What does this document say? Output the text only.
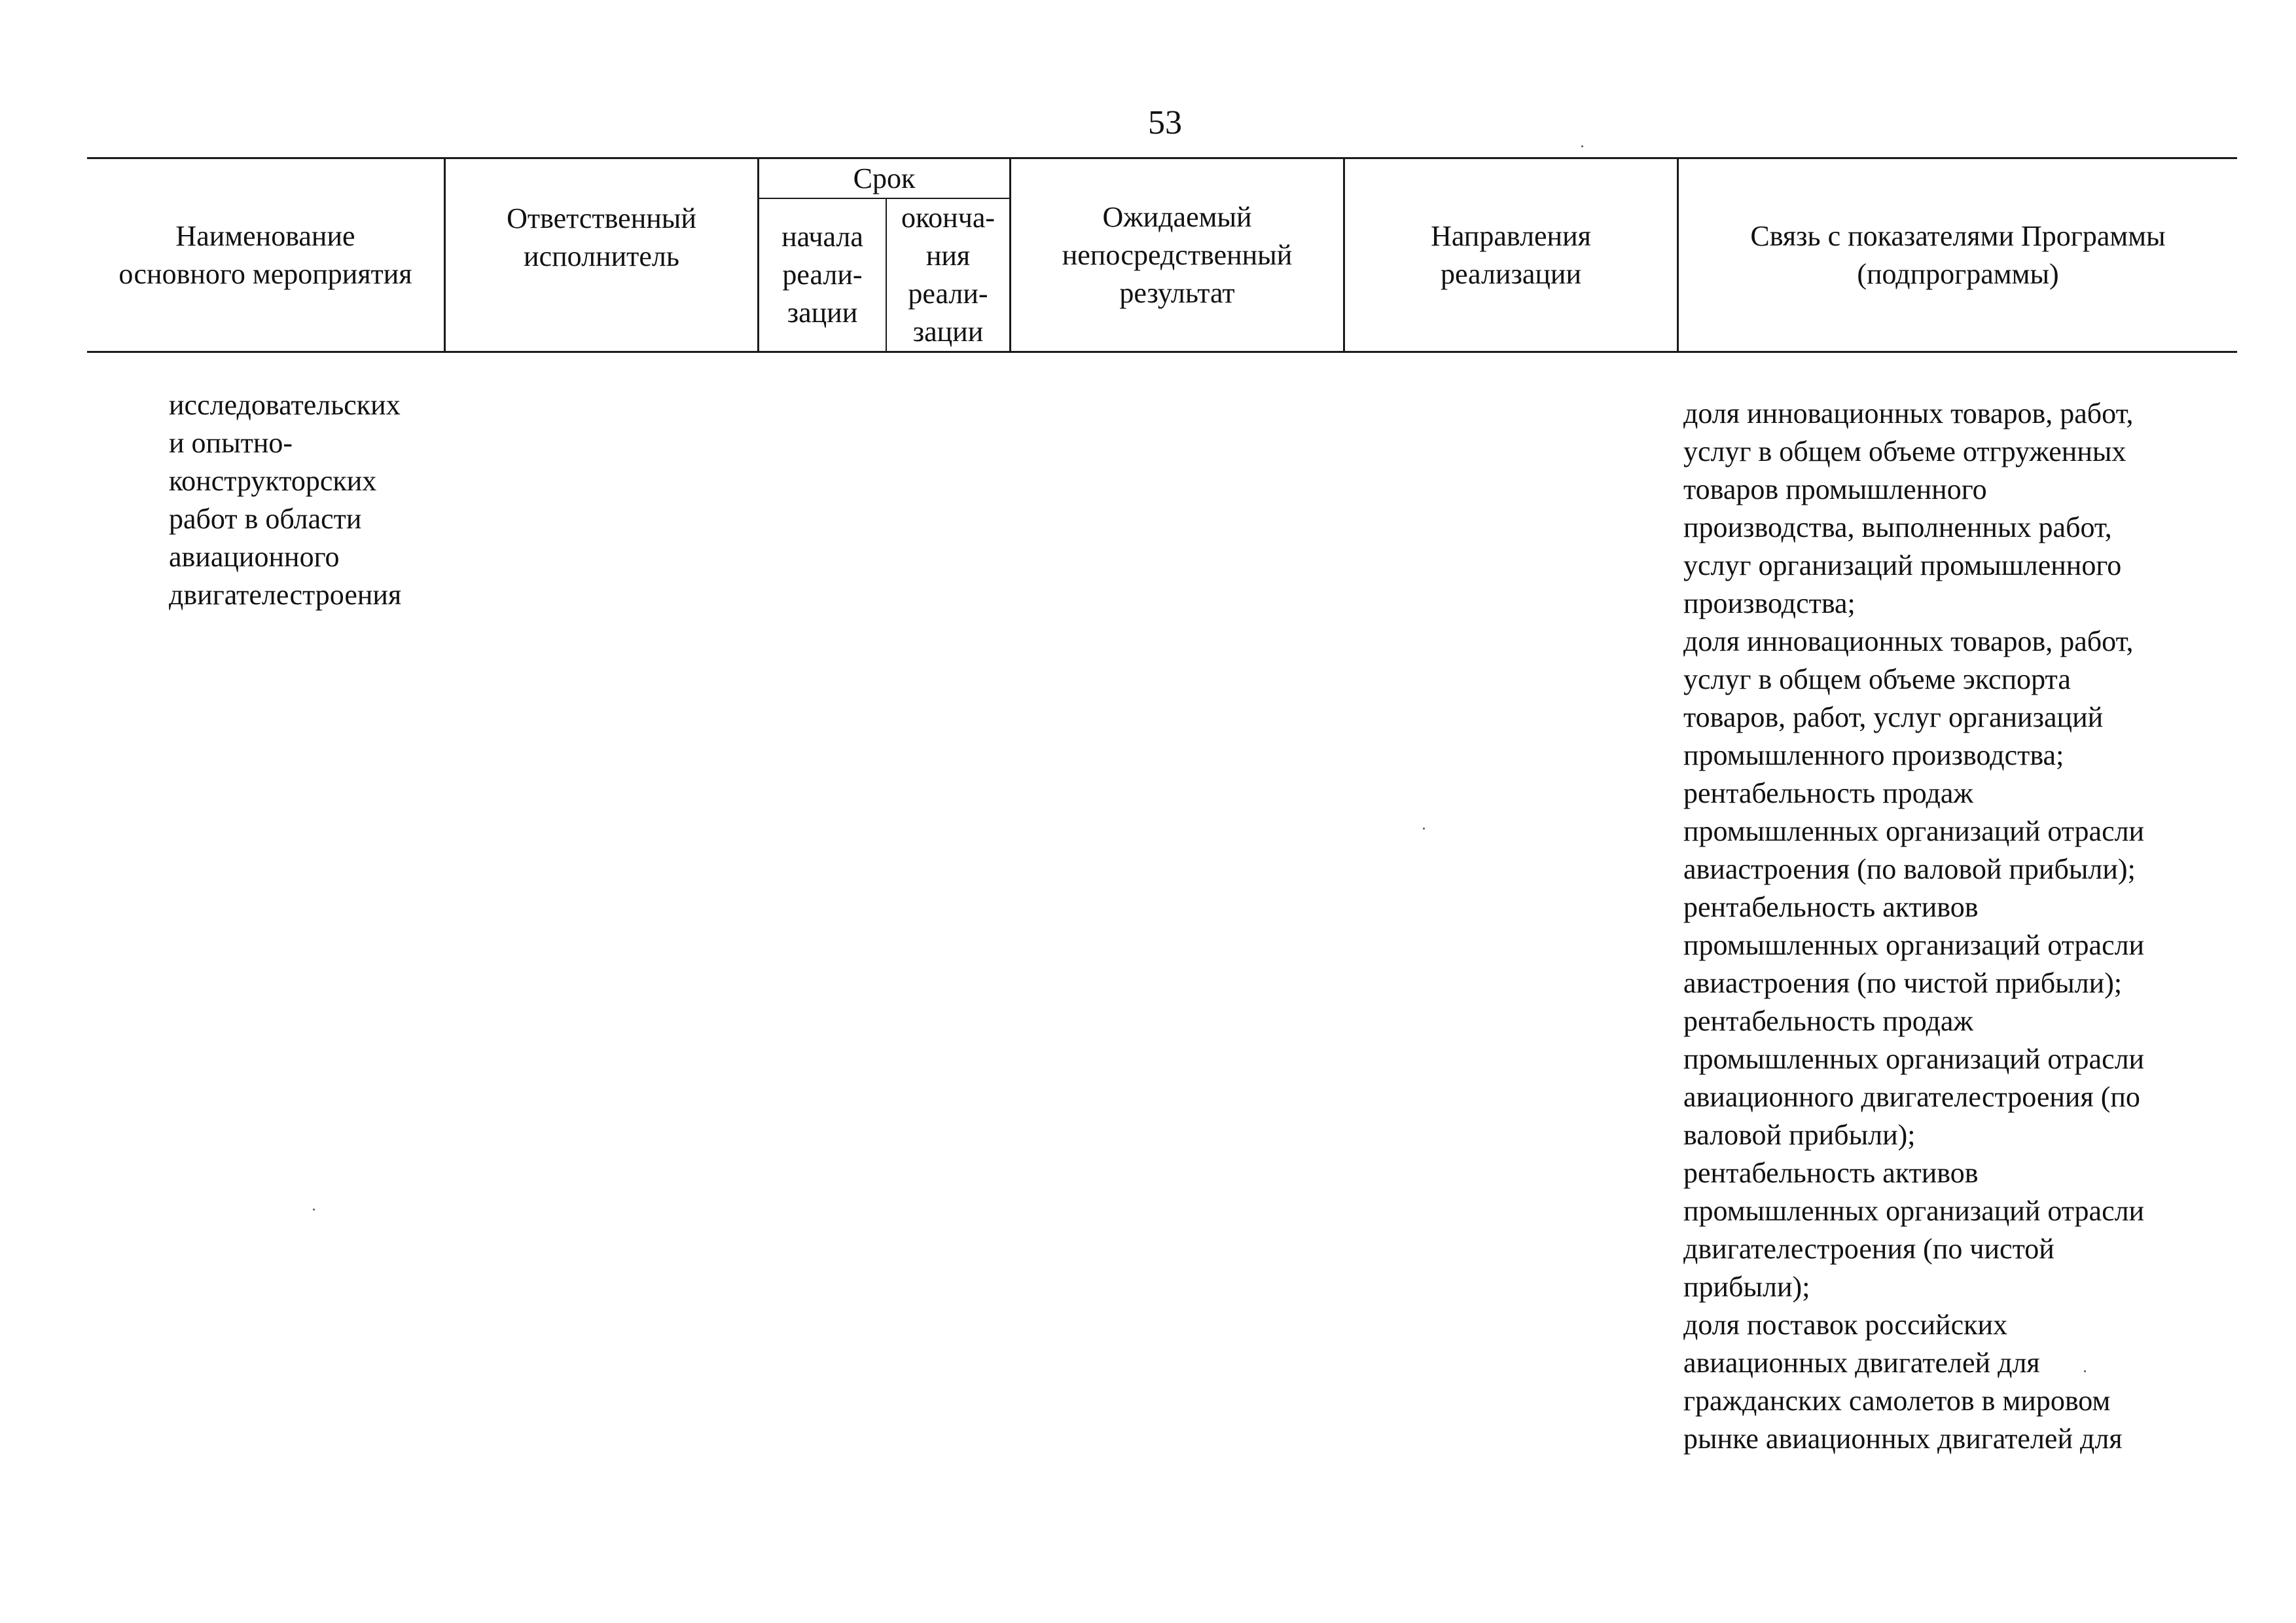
53
Наименование
основного мероприятия
Ответственный
исполнитель
Срок
начала
реали-
зации
оконча-
ния
реали-
зации
Ожидаемый
непосредственный
результат
Направления
реализации
Связь с показателями Программы
(подпрограммы)

исследовательских
и опытно-
конструкторских
работ в области
авиационного
двигателестроения

доля инновационных товаров, работ,
услуг в общем объеме отгруженных
товаров промышленного
производства, выполненных работ,
услуг организаций промышленного
производства;
доля инновационных товаров, работ,
услуг в общем объеме экспорта
товаров, работ, услуг организаций
промышленного производства;
рентабельность продаж
промышленных организаций отрасли
авиастроения (по валовой прибыли);
рентабельность активов
промышленных организаций отрасли
авиастроения (по чистой прибыли);
рентабельность продаж
промышленных организаций отрасли
авиационного двигателестроения (по
валовой прибыли);
рентабельность активов
промышленных организаций отрасли
двигателестроения (по чистой
прибыли);
доля поставок российских
авиационных двигателей для
гражданских самолетов в мировом
рынке авиационных двигателей для
